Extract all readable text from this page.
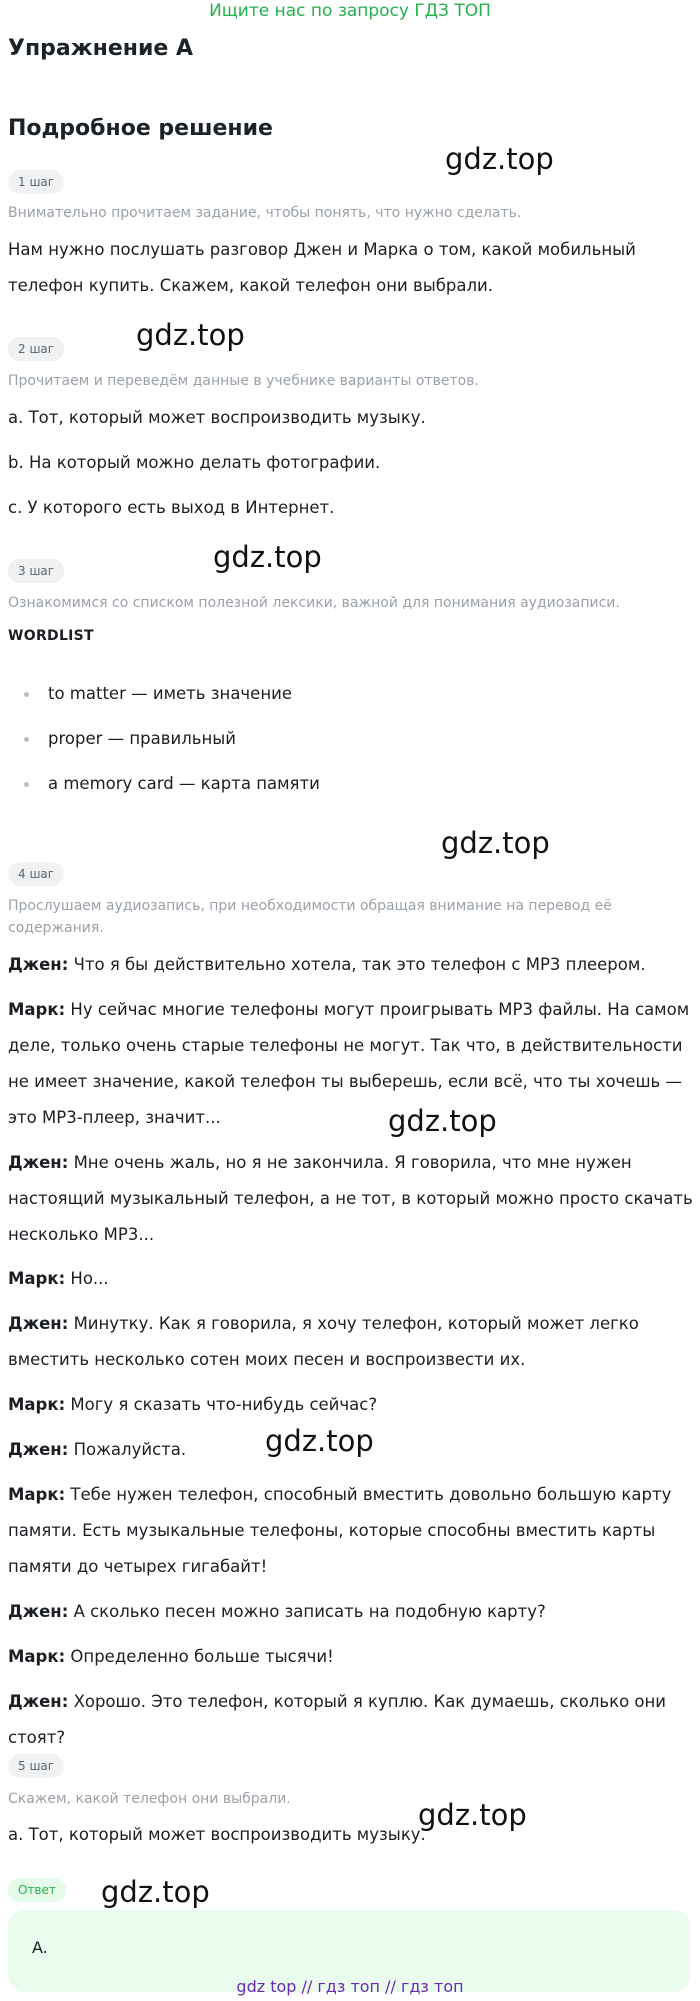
Ищите нас по запросу ГДЗ ТОП
Упражнение A
Подробное решение
1 шаг
gdz.top
Внимательно прочитаем задание, чтобы понять, что нужно сделать.
Нам нужно послушать разговор Джен и Марка о том, какой мобильный телефон купить. Скажем, какой телефон они выбрали.
2 шаг	gdz.top
Прочитаем и переведём данные в учебнике варианты ответов.
a. Тот, который может воспроизводить музыку.
b. На который можно делать фотографии.
c. У которого есть выход в Интернет.
3 шаг	gdz.top
Ознакомимся со списком полезной лексики, важной для понимания аудиозаписи.
WORDLIST
to matter — иметь значение
proper — правильный
a memory card — карта памяти
gdz.top
4 шаг
Прослушаем аудиозапись, при необходимости обращая внимание на перевод её содержания.
Джен: Что я бы действительно хотела, так это телефон с MP3 плеером.
Марк: Ну сейчас многие телефоны могут проигрывать MP3 файлы. На самом деле, только очень старые телефоны не могут. Так что, в действительности не имеет значение, какой телефон ты выберешь, если всё, что ты хочешь — это MP3-плеер, значит...	gdz.top
Джен: Мне очень жаль, но я не закончила. Я говорила, что мне нужен настоящий музыкальный телефон, а не тот, в который можно просто скачать несколько MP3...
Марк: Но...
Джен: Минутку. Как я говорила, я хочу телефон, который может легко вместить несколько сотен моих песен и воспроизвести их.
Марк: Могу я сказать что-нибудь сейчас?
Джен: Пожалуйста.	gdz.top
Марк: Тебе нужен телефон, способный вместить довольно большую карту памяти. Есть музыкальные телефоны, которые способны вместить карты памяти до четырех гигабайт!
Джен: А сколько песен можно записать на подобную карту?
Марк: Определенно больше тысячи!
Джен: Хорошо. Это телефон, который я куплю. Как думаешь, сколько они стоят?
5 шаг
Скажем, какой телефон они выбрали.
a. Тот, который может воспроизводить музыку.
gdz.top
Ответ	gdz.top
A.
gdz top // гдз топ // гдз топ
